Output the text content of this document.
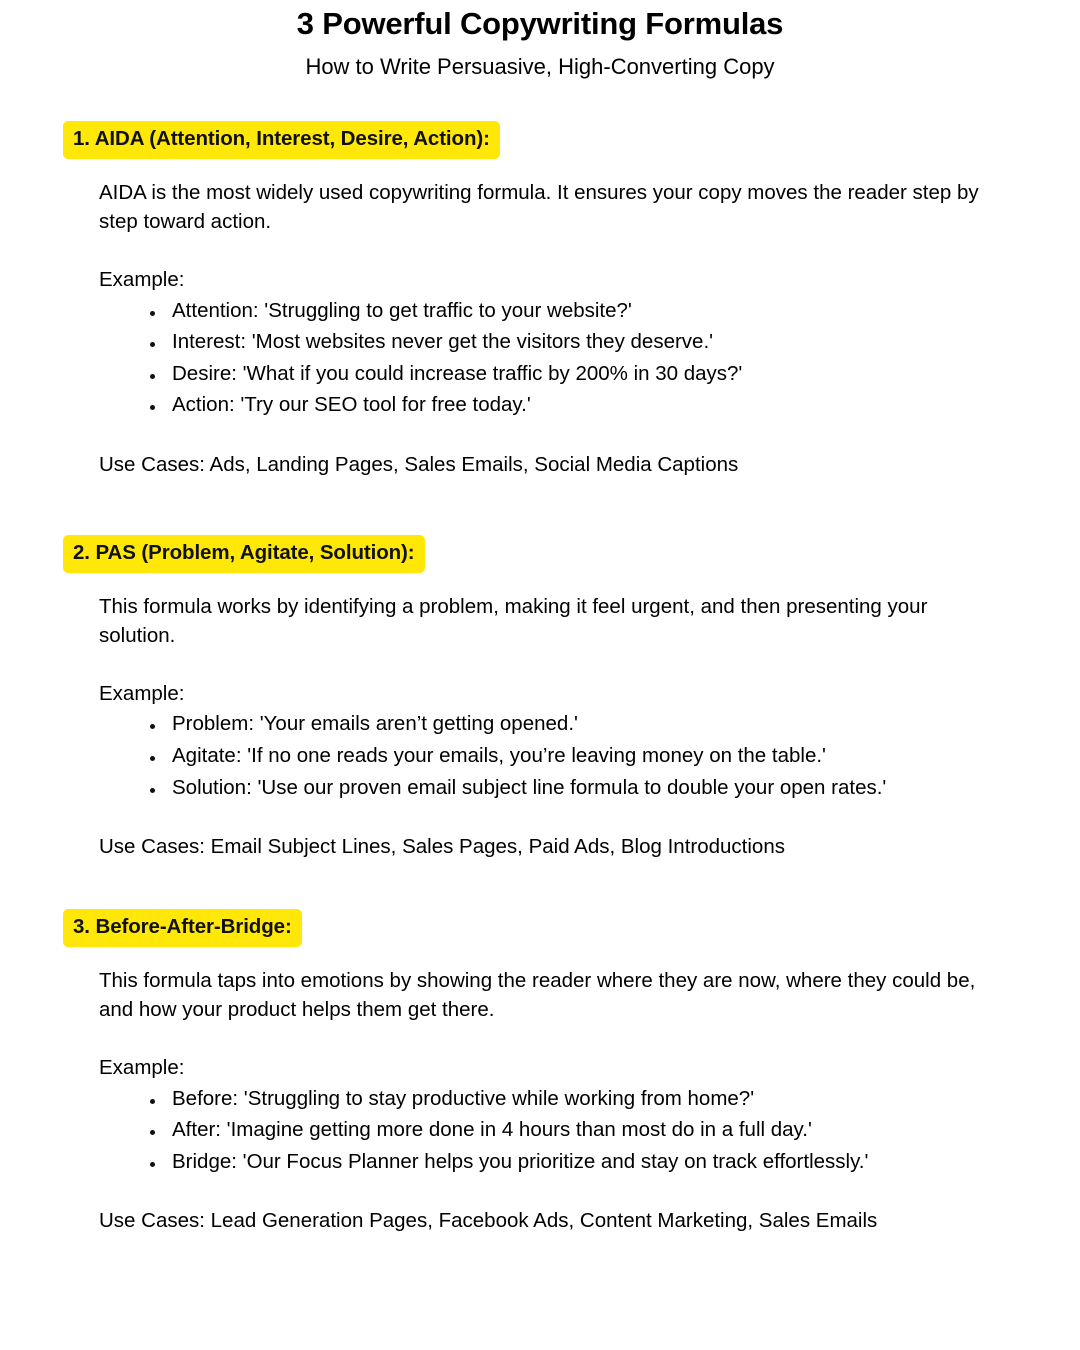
3 Powerful Copywriting Formulas

How to Write Persuasive, High-Converting Copy

1. AIDA (Attention, Interest, Desire, Action):

AIDA is the most widely used copywriting formula. It ensures your copy moves the reader step by step toward action.

Example:

Attention: 'Struggling to get traffic to your website?'
Interest: 'Most websites never get the visitors they deserve.'
Desire: 'What if you could increase traffic by 200% in 30 days?'
Action: 'Try our SEO tool for free today.'

Use Cases: Ads, Landing Pages, Sales Emails, Social Media Captions

2. PAS (Problem, Agitate, Solution):

This formula works by identifying a problem, making it feel urgent, and then presenting your solution.

Example:

Problem: 'Your emails aren’t getting opened.'
Agitate: 'If no one reads your emails, you’re leaving money on the table.'
Solution: 'Use our proven email subject line formula to double your open rates.'

Use Cases: Email Subject Lines, Sales Pages, Paid Ads, Blog Introductions

3. Before-After-Bridge:

This formula taps into emotions by showing the reader where they are now, where they could be, and how your product helps them get there.

Example:

Before: 'Struggling to stay productive while working from home?'
After: 'Imagine getting more done in 4 hours than most do in a full day.'
Bridge: 'Our Focus Planner helps you prioritize and stay on track effortlessly.'

Use Cases: Lead Generation Pages, Facebook Ads, Content Marketing, Sales Emails
